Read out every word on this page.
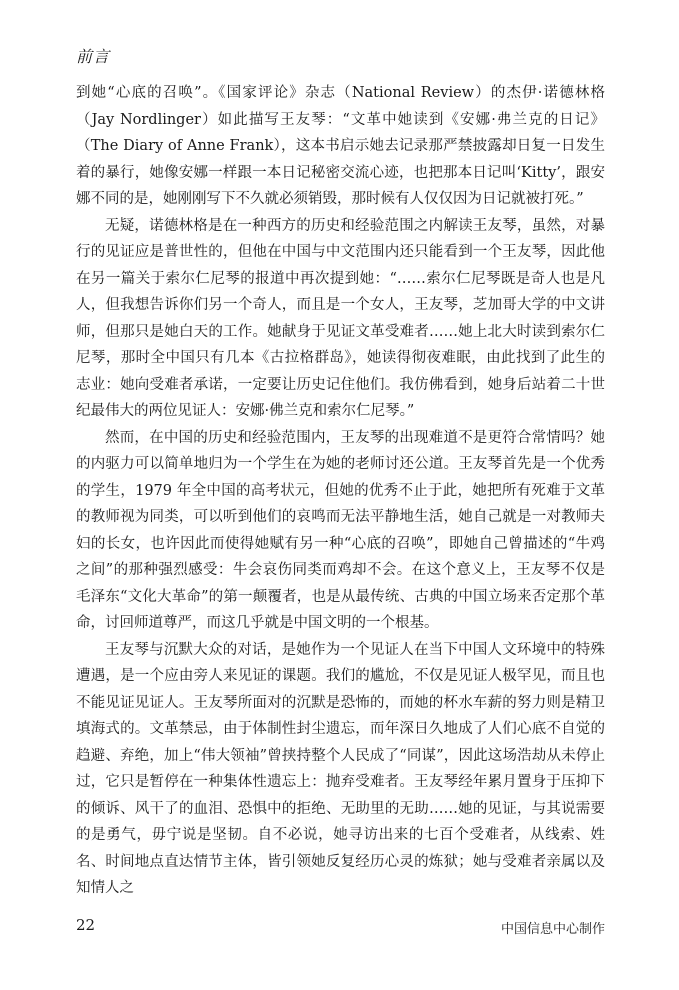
前言

到她“心底的召唤”。《国家评论》杂志（National Review）的杰伊·诺德林格（Jay Nordlinger）如此描写王友琴：“文革中她读到《安娜·弗兰克的日记》（The Diary of Anne Frank），这本书启示她去记录那严禁披露却日复一日发生着的暴行，她像安娜一样跟一本日记秘密交流心迹，也把那本日记叫‘Kitty’，跟安娜不同的是，她刚刚写下不久就必须销毁，那时候有人仅仅因为日记就被打死。”

无疑，诺德林格是在一种西方的历史和经验范围之内解读王友琴，虽然，对暴行的见证应是普世性的，但他在中国与中文范围内还只能看到一个王友琴，因此他在另一篇关于索尔仁尼琴的报道中再次提到她：“……索尔仁尼琴既是奇人也是凡人，但我想告诉你们另一个奇人，而且是一个女人，王友琴，芝加哥大学的中文讲师，但那只是她白天的工作。她献身于见证文革受难者……她上北大时读到索尔仁尼琴，那时全中国只有几本《古拉格群岛》，她读得彻夜难眠，由此找到了此生的志业：她向受难者承诺，一定要让历史记住他们。我仿佛看到，她身后站着二十世纪最伟大的两位见证人：安娜·佛兰克和索尔仁尼琴。”

然而，在中国的历史和经验范围内，王友琴的出现难道不是更符合常情吗？她的内驱力可以简单地归为一个学生在为她的老师讨还公道。王友琴首先是一个优秀的学生，1979 年全中国的高考状元，但她的优秀不止于此，她把所有死难于文革的教师视为同类，可以听到他们的哀鸣而无法平静地生活，她自己就是一对教师夫妇的长女，也许因此而使得她赋有另一种“心底的召唤”，即她自己曾描述的“牛鸡之间”的那种强烈感受：牛会哀伤同类而鸡却不会。在这个意义上，王友琴不仅是毛泽东“文化大革命”的第一颠覆者，也是从最传统、古典的中国立场来否定那个革命，讨回师道尊严，而这几乎就是中国文明的一个根基。

王友琴与沉默大众的对话，是她作为一个见证人在当下中国人文环境中的特殊遭遇，是一个应由旁人来见证的课题。我们的尴尬，不仅是见证人极罕见，而且也不能见证见证人。王友琴所面对的沉默是恐怖的，而她的杯水车薪的努力则是精卫填海式的。文革禁忌，由于体制性封尘遗忘，而年深日久地成了人们心底不自觉的趋避、弃绝，加上“伟大领袖”曾挟持整个人民成了“同谋”，因此这场浩劫从未停止过，它只是暂停在一种集体性遗忘上：抛弃受难者。王友琴经年累月置身于压抑下的倾诉、风干了的血泪、恐惧中的拒绝、无助里的无助……她的见证，与其说需要的是勇气，毋宁说是坚韧。自不必说，她寻访出来的七百个受难者，从线索、姓名、时间地点直达情节主体，皆引领她反复经历心灵的炼狱；她与受难者亲属以及知情人之

22	中国信息中心制作
